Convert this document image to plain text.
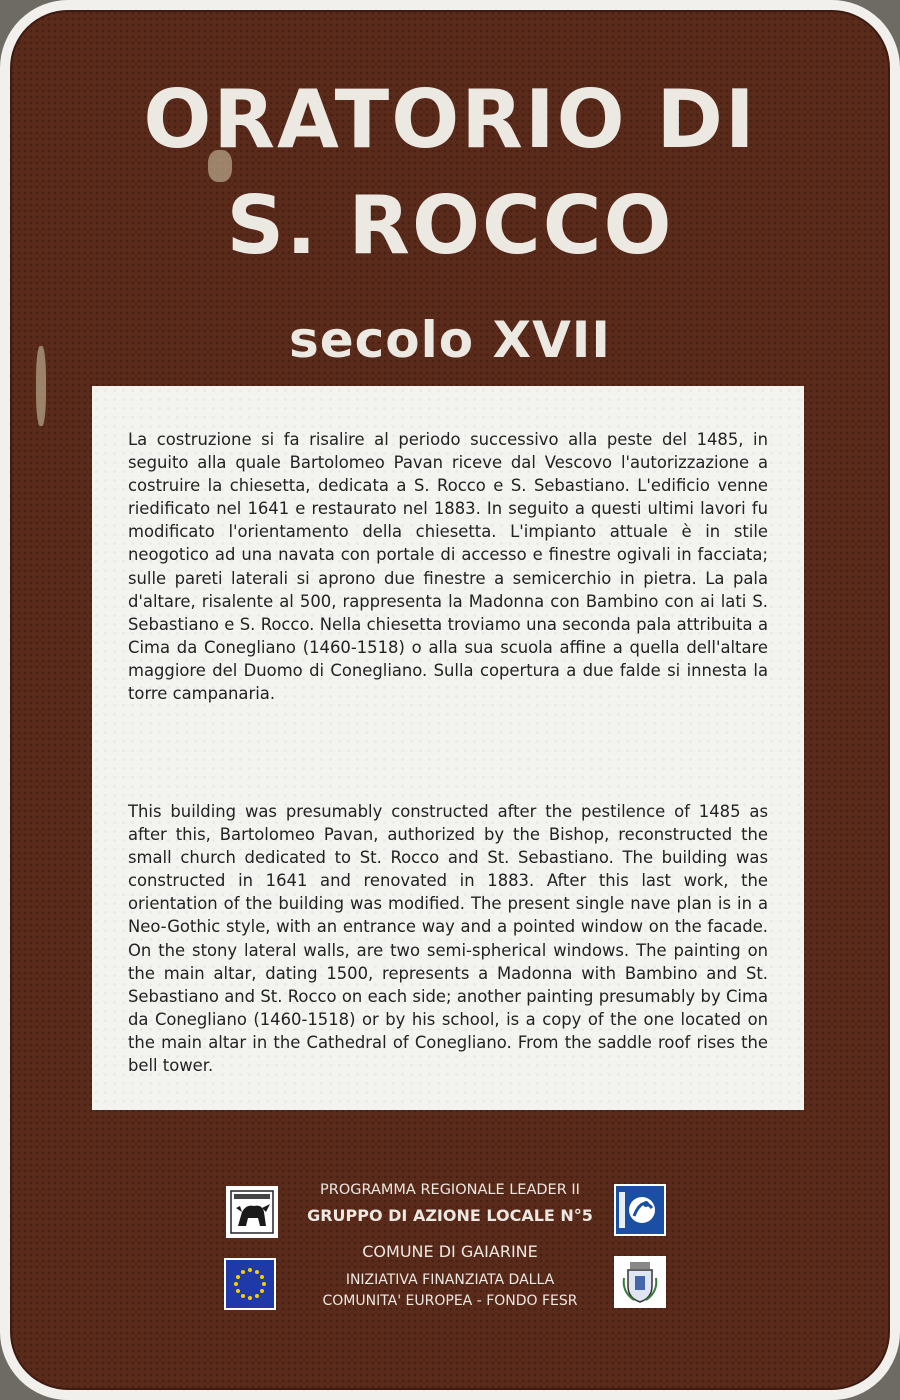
ORATORIO DI
S. ROCCO
secolo XVII
La costruzione si fa risalire al periodo successivo alla peste del 1485, in seguito alla quale Bartolomeo Pavan riceve dal Vescovo l'autorizzazione a costruire la chiesetta, dedicata a S. Rocco e S. Sebastiano. L'edificio venne riedificato nel 1641 e restaurato nel 1883. In seguito a questi ultimi lavori fu modificato l'orientamento della chiesetta. L'impianto attuale è in stile neogotico ad una navata con portale di accesso e finestre ogivali in facciata; sulle pareti laterali si aprono due finestre a semicerchio in pietra. La pala d'altare, risalente al 500, rappresenta la Madonna con Bambino con ai lati S. Sebastiano e S. Rocco. Nella chiesetta troviamo una seconda pala attribuita a Cima da Conegliano (1460-1518) o alla sua scuola affine a quella dell'altare maggiore del Duomo di Conegliano. Sulla copertura a due falde si innesta la torre campanaria.
This building was presumably constructed after the pestilence of 1485 as after this, Bartolomeo Pavan, authorized by the Bishop, reconstructed the small church dedicated to St. Rocco and St. Sebastiano. The building was constructed in 1641 and renovated in 1883. After this last work, the orientation of the building was modified. The present single nave plan is in a Neo-Gothic style, with an entrance way and a pointed window on the facade. On the stony lateral walls, are two semi-spherical windows. The painting on the main altar, dating 1500, represents a Madonna with Bambino and St. Sebastiano and St. Rocco on each side; another painting presumably by Cima da Conegliano (1460-1518) or by his school, is a copy of the one located on the main altar in the Cathedral of Conegliano. From the saddle roof rises the bell tower.
PROGRAMMA REGIONALE LEADER II
GRUPPO DI AZIONE LOCALE N°5
COMUNE DI GAIARINE
INIZIATIVA FINANZIATA DALLA
COMUNITA' EUROPEA - FONDO FESR
